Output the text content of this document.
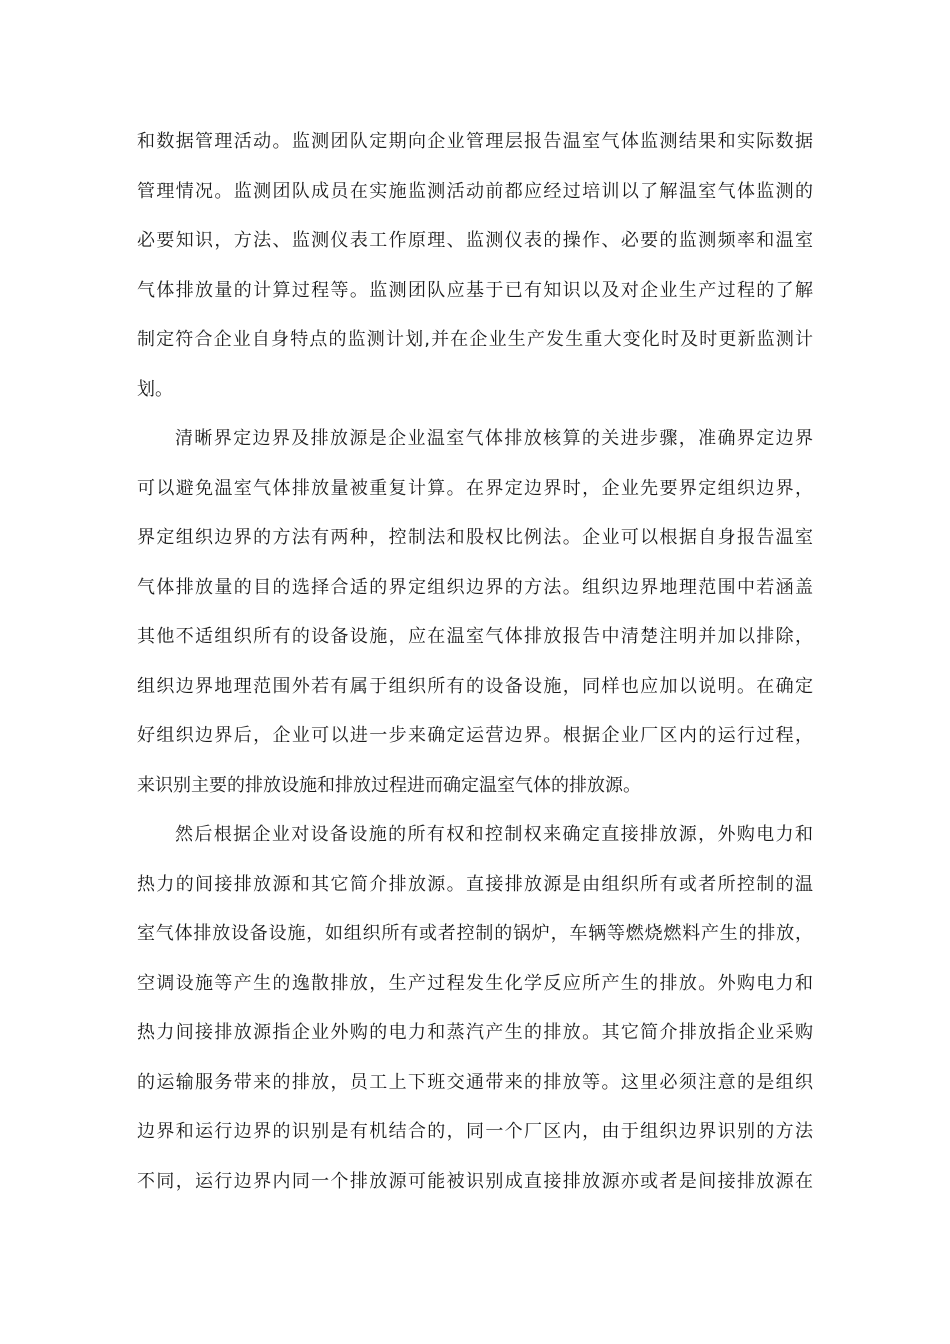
和数据管理活动。监测团队定期向企业管理层报告温室气体监测结果和实际数据
管理情况。监测团队成员在实施监测活动前都应经过培训以了解温室气体监测的
必要知识，方法、监测仪表工作原理、监测仪表的操作、必要的监测频率和温室
气体排放量的计算过程等。监测团队应基于已有知识以及对企业生产过程的了解
制定符合企业自身特点的监测计划,并在企业生产发生重大变化时及时更新监测计
划。
清晰界定边界及排放源是企业温室气体排放核算的关进步骤，准确界定边界
可以避免温室气体排放量被重复计算。在界定边界时，企业先要界定组织边界，
界定组织边界的方法有两种，控制法和股权比例法。企业可以根据自身报告温室
气体排放量的目的选择合适的界定组织边界的方法。组织边界地理范围中若涵盖
其他不适组织所有的设备设施，应在温室气体排放报告中清楚注明并加以排除，
组织边界地理范围外若有属于组织所有的设备设施，同样也应加以说明。在确定
好组织边界后，企业可以进一步来确定运营边界。根据企业厂区内的运行过程，
来识别主要的排放设施和排放过程进而确定温室气体的排放源。
然后根据企业对设备设施的所有权和控制权来确定直接排放源，外购电力和
热力的间接排放源和其它简介排放源。直接排放源是由组织所有或者所控制的温
室气体排放设备设施，如组织所有或者控制的锅炉，车辆等燃烧燃料产生的排放，
空调设施等产生的逸散排放，生产过程发生化学反应所产生的排放。外购电力和
热力间接排放源指企业外购的电力和蒸汽产生的排放。其它简介排放指企业采购
的运输服务带来的排放，员工上下班交通带来的排放等。这里必须注意的是组织
边界和运行边界的识别是有机结合的，同一个厂区内，由于组织边界识别的方法
不同，运行边界内同一个排放源可能被识别成直接排放源亦或者是间接排放源在
